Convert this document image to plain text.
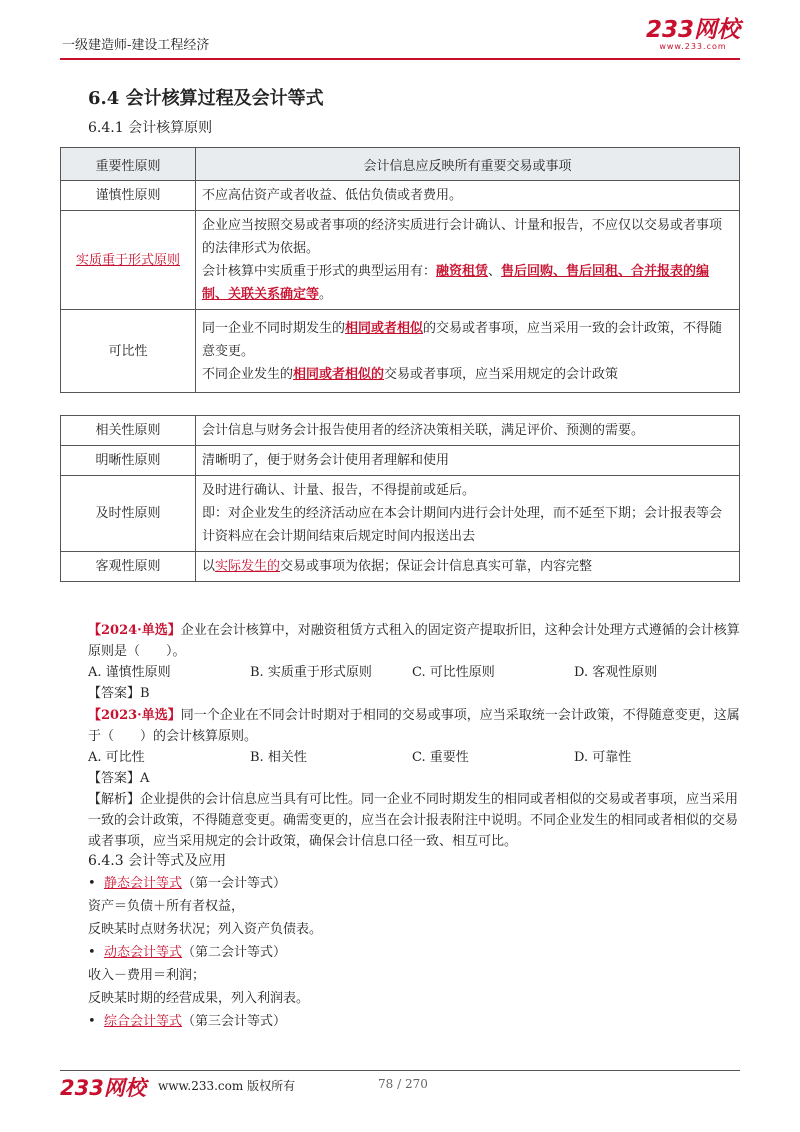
一级建造师-建设工程经济
233网校
www.233.com
6.4 会计核算过程及会计等式
6.4.1 会计核算原则
重要性原则	会计信息应反映所有重要交易或事项
谨慎性原则	不应高估资产或者收益、低估负债或者费用。
实质重于形式原则	企业应当按照交易或者事项的经济实质进行会计确认、计量和报告，不应仅以交易或者事项的法律形式为依据。
会计核算中实质重于形式的典型运用有：融资租赁、售后回购、售后回租、合并报表的编制、关联关系确定等。

可比性	同一企业不同时期发生的相同或者相似的交易或者事项，应当采用一致的会计政策，不得随意变更。
不同企业发生的相同或者相似的交易或者事项，应当采用规定的会计政策
相关性原则	会计信息与财务会计报告使用者的经济决策相关联，满足评价、预测的需要。
明晰性原则	清晰明了，便于财务会计使用者理解和使用
及时性原则	及时进行确认、计量、报告，不得提前或延后。
即：对企业发生的经济活动应在本会计期间内进行会计处理，而不延至下期；会计报表等会计资料应在会计期间结束后规定时间内报送出去

客观性原则	以实际发生的交易或事项为依据；保证会计信息真实可靠，内容完整

【2024·单选】企业在会计核算中，对融资租赁方式租入的固定资产提取折旧，这种会计处理方式遵循的会计核算原则是（　　）。

A. 谨慎性原则	B. 实质重于形式原则	C. 可比性原则	D. 客观性原则

【答案】B

【2023·单选】同一个企业在不同会计时期对于相同的交易或事项，应当采取统一会计政策，不得随意变更，这属于（　　）的会计核算原则。

A. 可比性	B. 相关性	C. 重要性	D. 可靠性

【答案】A

【解析】企业提供的会计信息应当具有可比性。同一企业不同时期发生的相同或者相似的交易或者事项，应当采用一致的会计政策，不得随意变更。确需变更的，应当在会计报表附注中说明。不同企业发生的相同或者相似的交易或者事项，应当采用规定的会计政策，确保会计信息口径一致、相互可比。

6.4.3 会计等式及应用

• 静态会计等式（第一会计等式）

资产＝负债＋所有者权益，

反映某时点财务状况；列入资产负债表。

• 动态会计等式（第二会计等式）

收入－费用＝利润；

反映某时期的经营成果，列入利润表。

• 综合会计等式（第三会计等式）

233网校 www.233.com 版权所有	78 / 270
